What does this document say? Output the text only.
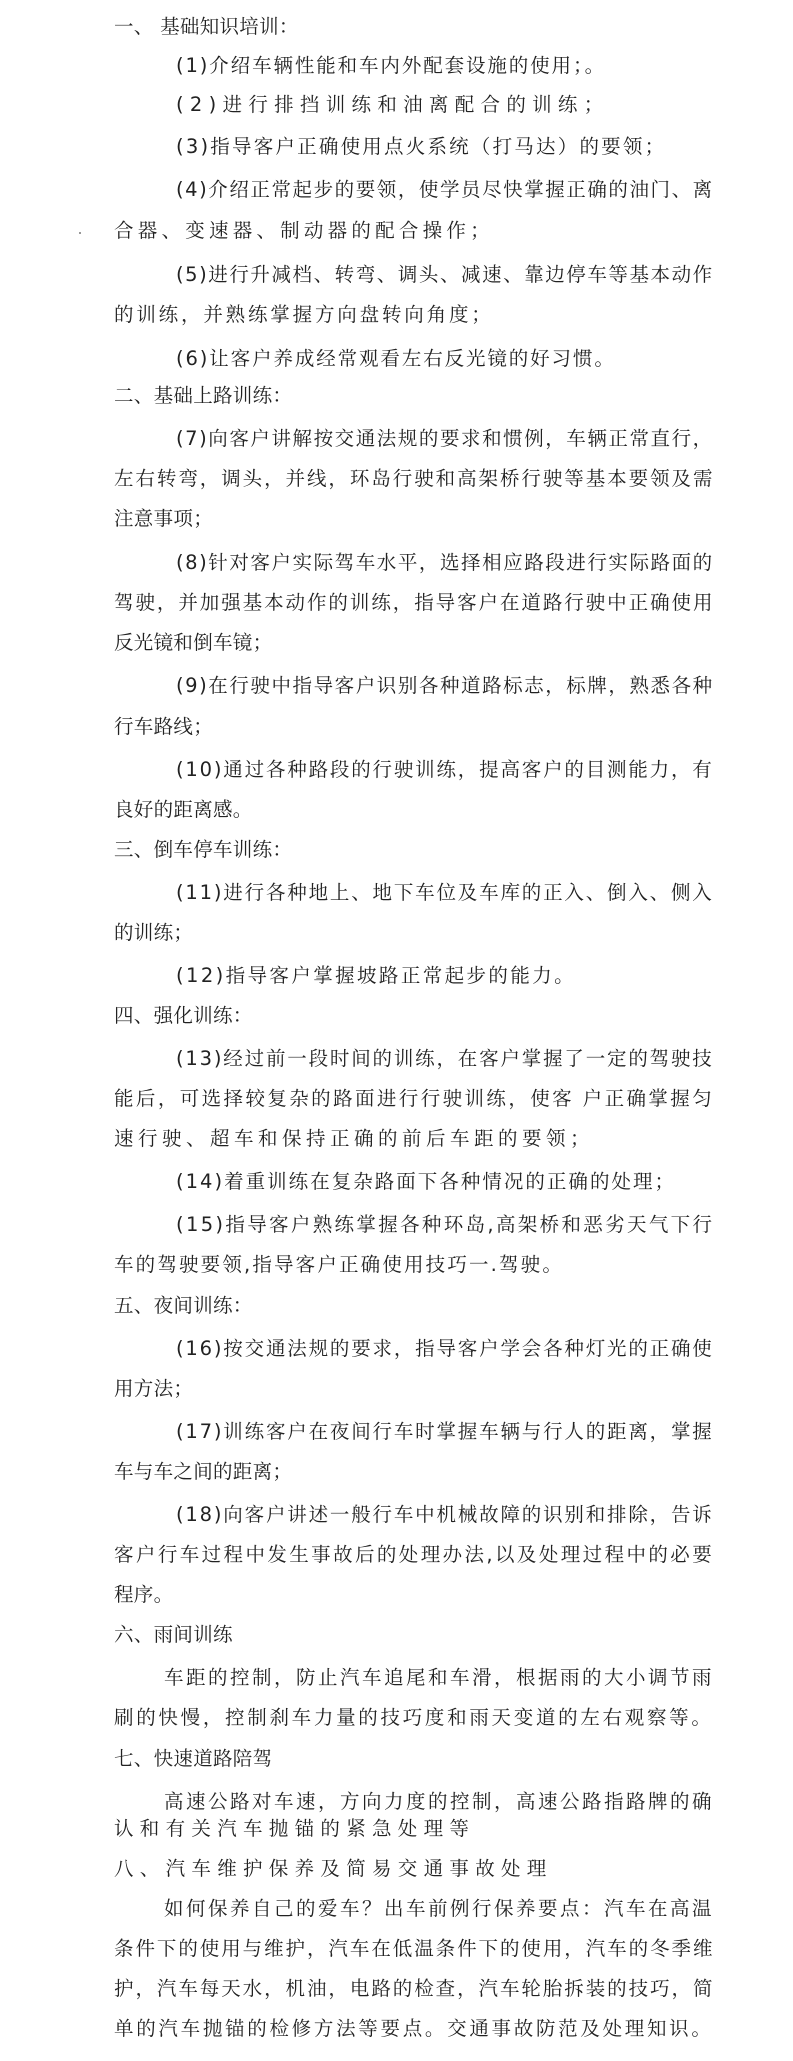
一、 基础知识培训：
(1)介绍车辆性能和车内外配套设施的使用；。
(2)进行排挡训练和油离配合的训练；
(3)指导客户正确使用点火系统（打马达）的要领；
(4)介绍正常起步的要领，使学员尽快掌握正确的油门、离
合器、变速器、制动器的配合操作；
(5)进行升减档、转弯、调头、减速、靠边停车等基本动作
的训练，并熟练掌握方向盘转向角度；
(6)让客户养成经常观看左右反光镜的好习惯。
二、基础上路训练：
(7)向客户讲解按交通法规的要求和惯例，车辆正常直行，
左右转弯，调头，并线，环岛行驶和高架桥行驶等基本要领及需
注意事项；
(8)针对客户实际驾车水平，选择相应路段进行实际路面的
驾驶，并加强基本动作的训练，指导客户在道路行驶中正确使用
反光镜和倒车镜；
(9)在行驶中指导客户识别各种道路标志，标牌，熟悉各种
行车路线；
(10)通过各种路段的行驶训练，提高客户的目测能力，有
良好的距离感。
三、倒车停车训练：
(11)进行各种地上、地下车位及车库的正入、倒入、侧入
的训练；
(12)指导客户掌握坡路正常起步的能力。
四、强化训练：
(13)经过前一段时间的训练，在客户掌握了一定的驾驶技
能后，可选择较复杂的路面进行行驶训练，使客 户正确掌握匀
速行驶、超车和保持正确的前后车距的要领；
(14)着重训练在复杂路面下各种情况的正确的处理；
(15)指导客户熟练掌握各种环岛,高架桥和恶劣天气下行
车的驾驶要领,指导客户正确使用技巧一.驾驶。
五、夜间训练：
(16)按交通法规的要求，指导客户学会各种灯光的正确使
用方法；
(17)训练客户在夜间行车时掌握车辆与行人的距离，掌握
车与车之间的距离；
(18)向客户讲述一般行车中机械故障的识别和排除，告诉
客户行车过程中发生事故后的处理办法,以及处理过程中的必要
程序。
六、雨间训练
车距的控制，防止汽车追尾和车滑，根据雨的大小调节雨
刷的快慢，控制刹车力量的技巧度和雨天变道的左右观察等。
七、快速道路陪驾
高速公路对车速，方向力度的控制，高速公路指路牌的确
认和有关汽车抛锚的紧急处理等
八、汽车维护保养及简易交通事故处理
如何保养自己的爱车？出车前例行保养要点：汽车在高温
条件下的使用与维护，汽车在低温条件下的使用，汽车的冬季维
护，汽车每天水，机油，电路的检查，汽车轮胎拆装的技巧，简
单的汽车抛锚的检修方法等要点。交通事故防范及处理知识。
